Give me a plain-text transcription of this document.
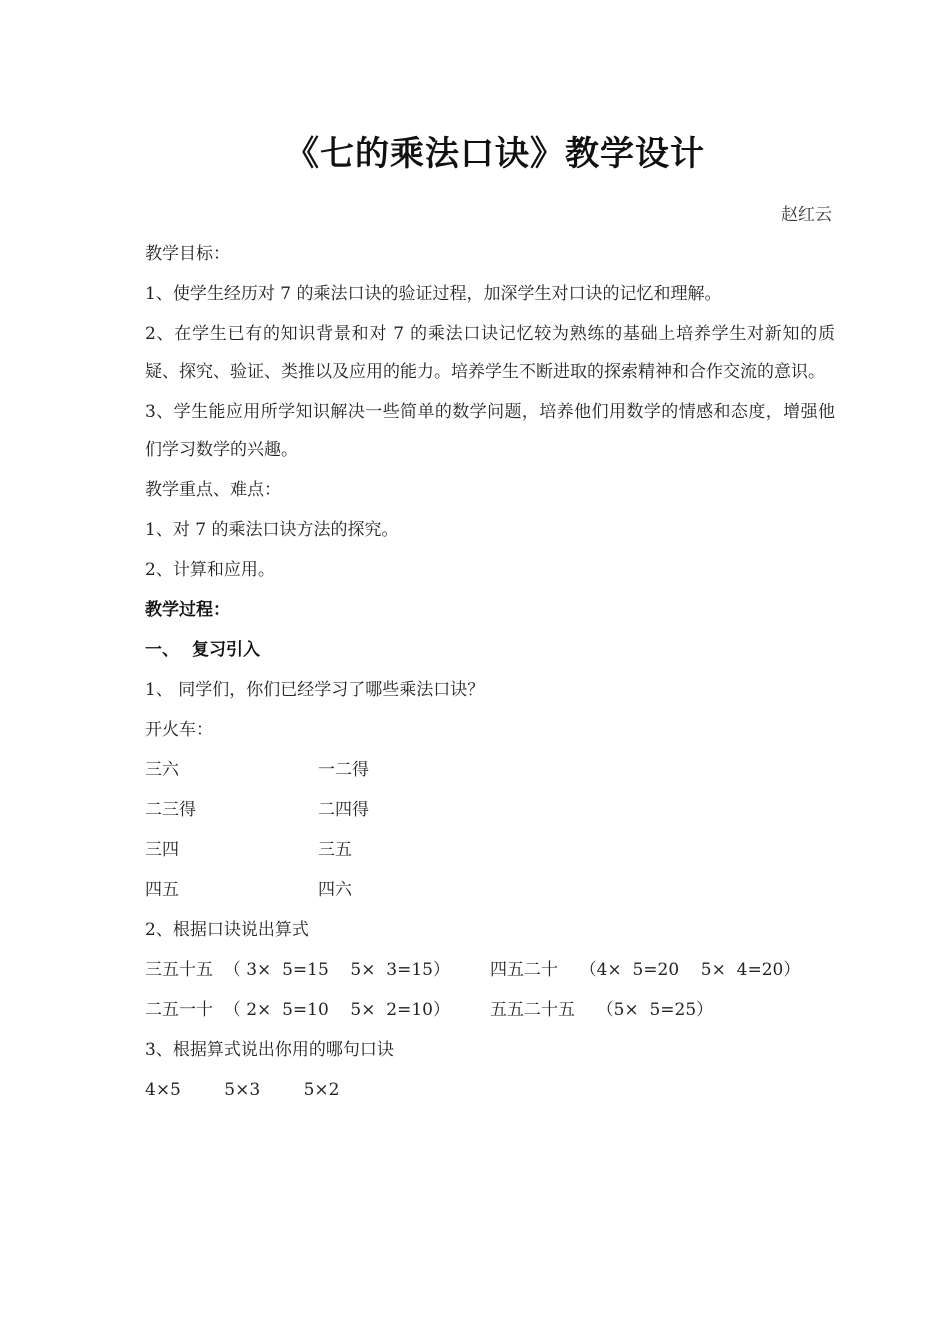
《七的乘法口诀》教学设计
赵红云
教学目标：
1、使学生经历对 7 的乘法口诀的验证过程，加深学生对口诀的记忆和理解。
2、在学生已有的知识背景和对 7 的乘法口诀记忆较为熟练的基础上培养学生对新知的质疑、探究、验证、类推以及应用的能力。培养学生不断进取的探索精神和合作交流的意识。
3、学生能应用所学知识解决一些简单的数学问题，培养他们用数学的情感和态度，增强他们学习数学的兴趣。
教学重点、难点：
1、对 7 的乘法口诀方法的探究。
2、计算和应用。
教学过程：
一、 复习引入
1、 同学们，你们已经学习了哪些乘法口诀？
开火车：
三六	一二得
二三得	二四得
三四	三五
四五	四六
2、根据口诀说出算式
三五十五  （ 3×  5=15    5×  3=15）	四五二十    （4×  5=20    5×  4=20）
二五一十  （ 2×  5=10    5×  2=10）	五五二十五    （5×  5=25）
3、根据算式说出你用的哪句口诀
4×5	5×3	5×2
